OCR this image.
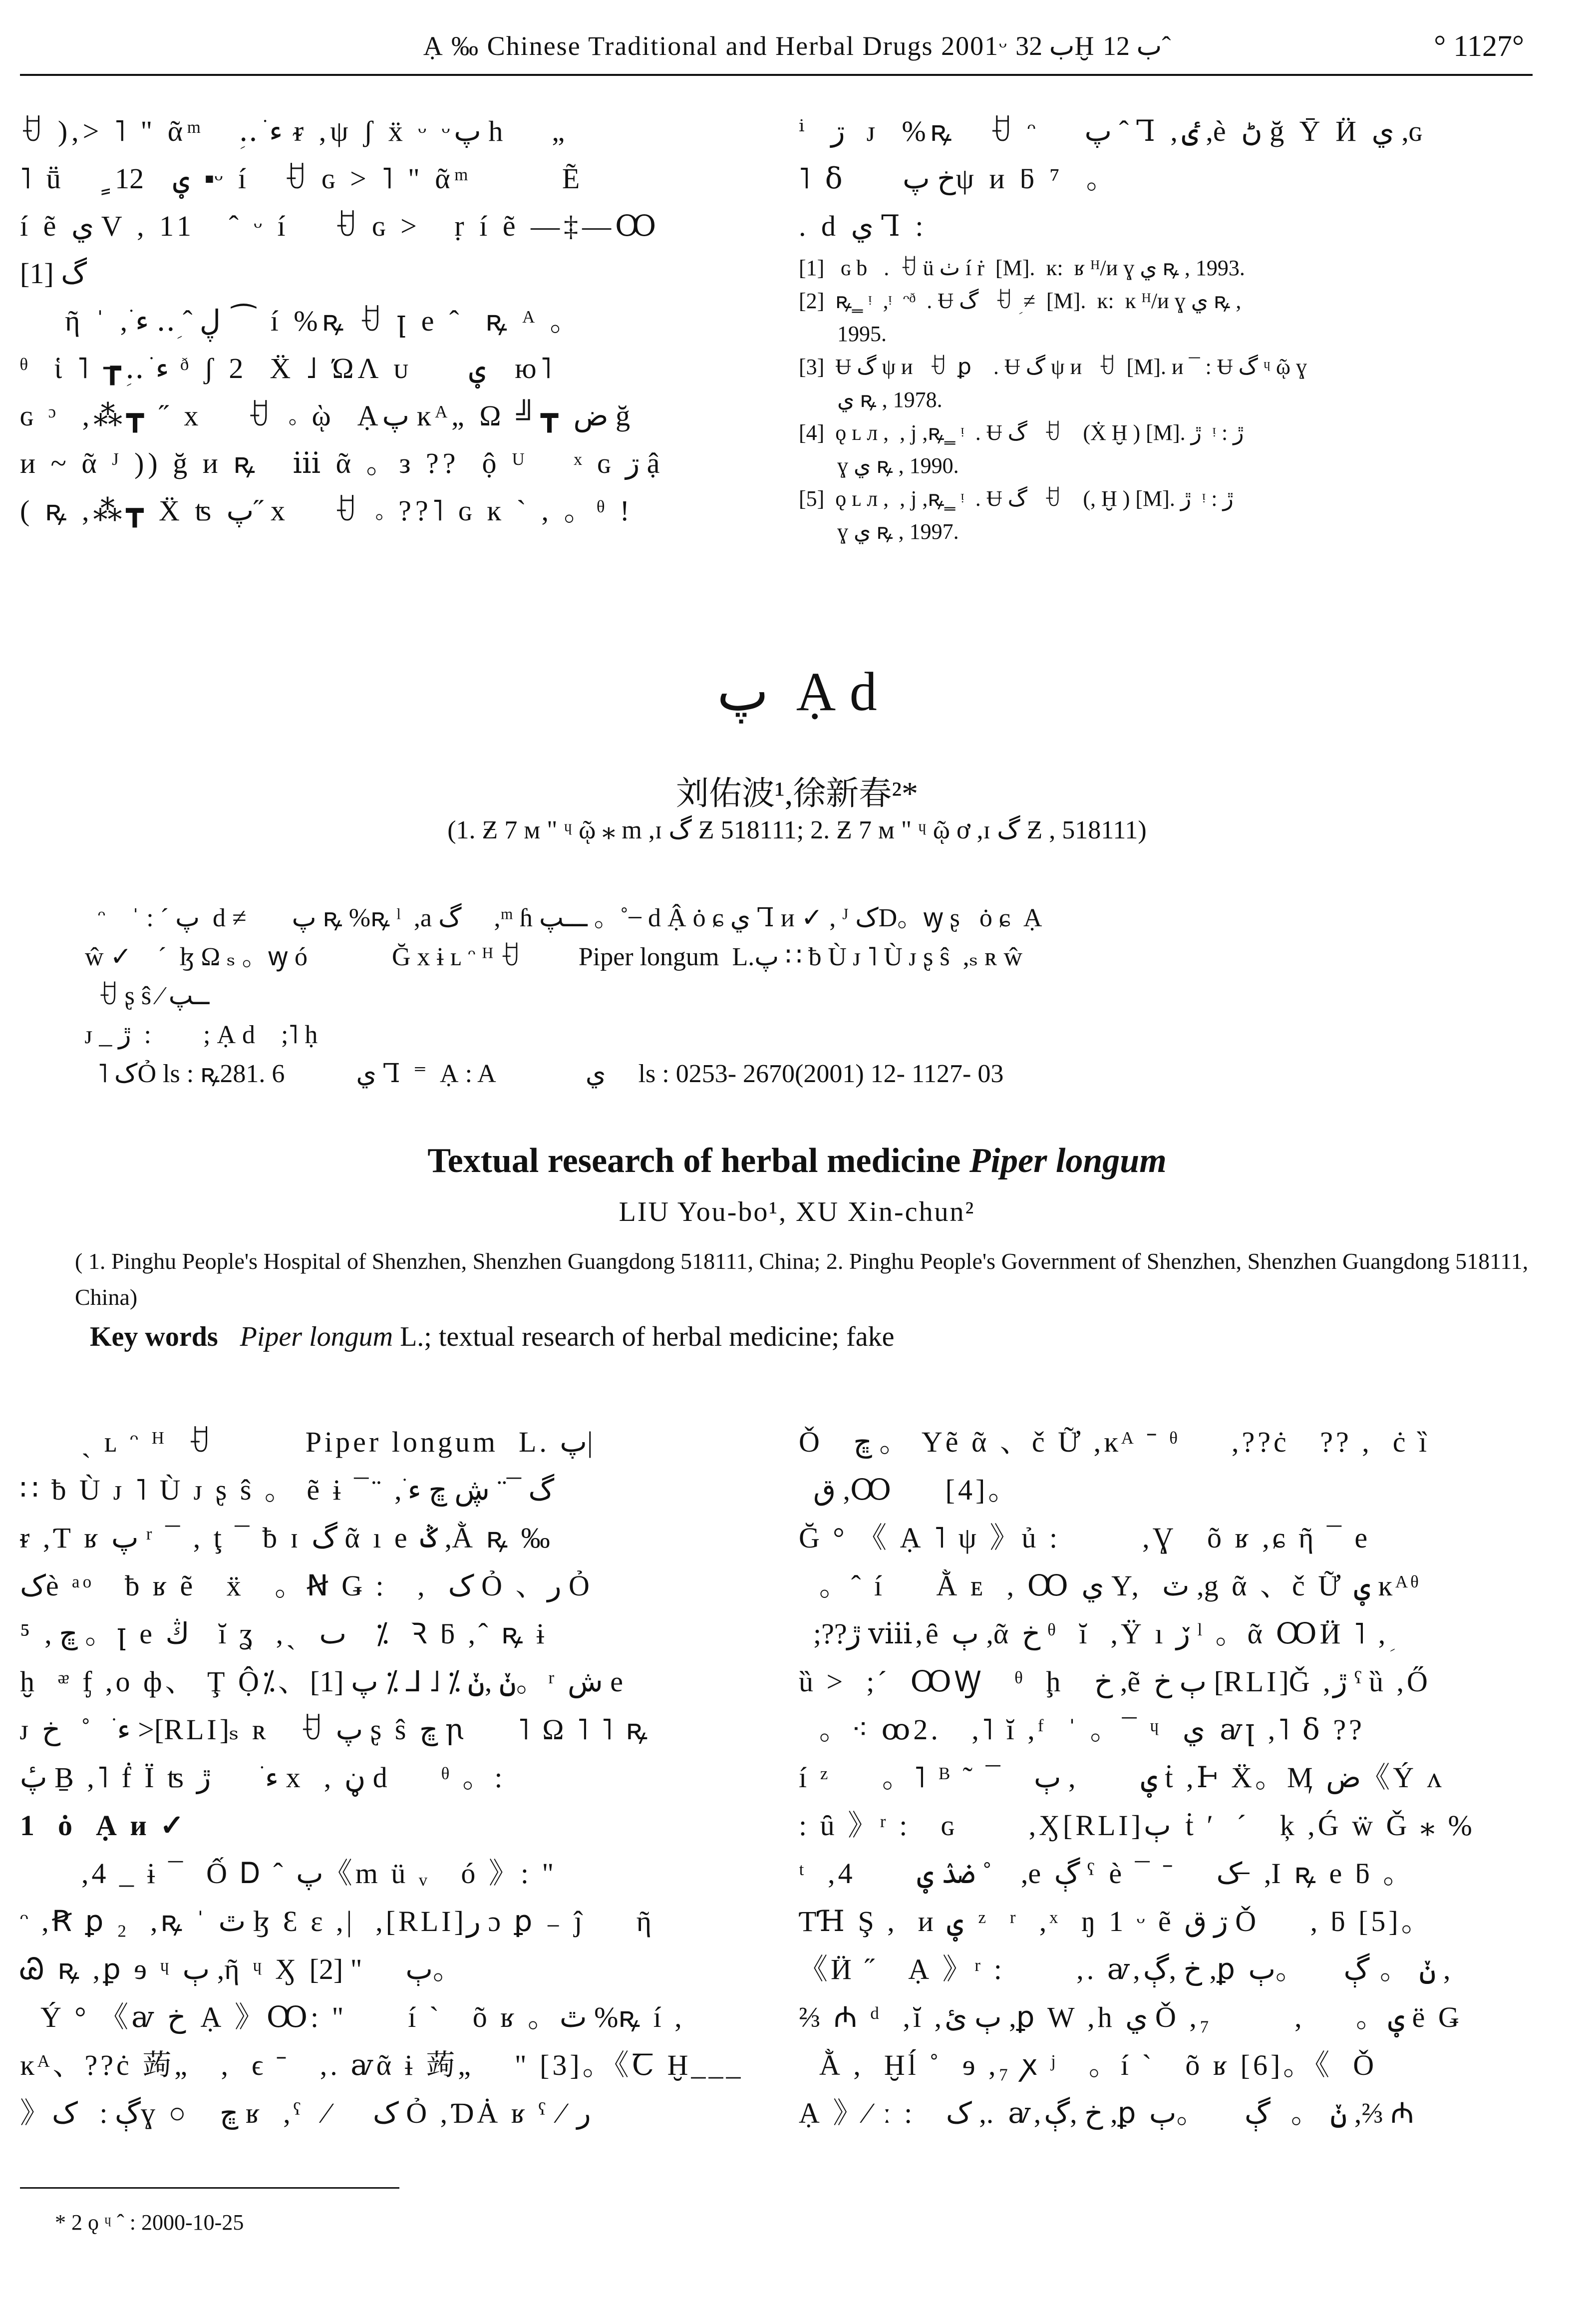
Ạ ‰ Chinese Traditional and Herbal Drugs 2001ᵕ ب 32Ḫ ب 12ˆ	° 1127°
ꀀ ),> ˥ " ᾶᵐ   ؚ‥ ءׁ ᵲ ,ψ ʃ ẍ ᵕ ᵕپ h    „
˥ ṻ    ٍ ؠ    12  ▪ᵕ í   ꀀ ɢ > ˥ " ᾶᵐ        Ẽ
í ẽ ي V , 11   ˆ ᵕ í    ꀀ ɢ >   ṛ í ẽ —‡—Ꝏ
گ [1]
ῆ ˈ ,ڸ ˆ ؚ‥ ءׁ ⁀ í %ꝶ ꀀ ꞁ e ˆ  ꝶ ᴬ 。
ᶿ  ἱ ˥ ┲ؚ‥ ءׁ ᶞ ʃ 2  Ẍ ˩ ΏΛ ᴜ     ؠ    ю˥
ɢ ᵓ  ,⁂┳ ˝ x    ꀀ 。ῲ  Ạپ ĸᴬ„ Ω ╝┳ ض ğ
ᴎ ~ ᾶ ᴶ )) ğ ᴎ ꝶ   ⅲ ᾶ 。з ??  ộ ᵁ    ˣ ɢ ڗ ậ
( ꝶ ,⁂┳ Ẍ ʦ پ˝ x    ꀀ 。??˥ ɢ ĸ ˋ , 。ᶿ !
ⁱ  ڗ   ᴊ  %ꝶ   ꀀ ᵔ    پ ˆ Ꞁ ,ٸ ,è ڻ ğ Ῡ Ӥ ي ,ɢ
˥ ẟ     خ پψ ᴎ ƃ ⁷  。
. d ي Ꞁ :
[1]   ɢ b   .  ꀀ ü ٺ í ṙ  [M]. ⁭ ĸ:  ʁ ᴴ/ᴎ ɣ ي ꝶ , 1993.
[2]  ꝶ ͇  ᵎ  ,ᵎ  ᵔᶞ  . Ʉ گ   ꀀ ؚ ≠  [M]. ⁭ ĸ: ⁭ ĸ ᴴ/ᴎ ɣ ي ꝶ ,
1995.
[3]  Ʉ گ ψ ᴎ   ꀀ ⁭ ꝑ    . Ʉ گ ψ ᴎ   ꀀ  [M]. ᴎ ¯ : Ʉ گ ᶣ ῷ ɣ
ي ꝶ , 1978.
[4]  ǫ ʟ ᴫ ,  , j ,ꝶ ͇  ᵎ  . Ʉ گ   ꀀ    (Ẋ Ḫ ) [M]. ڙ  ᵎ : ڙ
ɣ ي ꝶ , 1990.
[5]  ǫ ʟ ᴫ ,  , j ,ꝶ ͇  ᵎ  . Ʉ گ   ꀀ    (, Ḫ ) [M]. ڙ  ᵎ : ڙ
ɣ ي ꝶ , 1997.
پ ⁭ Ạ d
刘佑波¹,徐新春²*
(1. Ƶ 7 ᴍ " ᶣ ῷ ⁎ m ,ɪ گ Ƶ 518111; 2. Ƶ 7 ᴍ " ᶣ ῷ ơ ,ɪ گ Ƶ , 518111)
ᵔ    ˈ : ˊ پ  d ≠       پ ꝶ %ꝶ ˡ  ,a گ     ,ᵐ ɦ ـــپ 。˚ ̶  d Ậ ȯ ɕ ي Ꞁ ᴎ ✓ , ᴶ کD。ꝡ ʂ   ȯ ɕ ⁭ Ạ
ŵ ✓    ˊ  ɮ Ω ₛ 。ꝡ ó             Ğ x ɨ ʟ ᵔ ᴴ ꀀ         Piper longum  L.پ ∷ ƀ Ù ᴊ ˥ Ù ᴊ ʂ ŝ  ,ₛ ʀ ŵ
ꀀ ʂ ŝ ⁄ ــپ
ᴊ _ ڙ  :        ;⁭ Ạ d    ;˥ ḥ
˥ کỎ ls : ꝶ281. 6           ي Ꞁ ⁭ ⁼  Ạ : A              ي    ⁭ ls : 0253- 2670(2001) 12- 1127- 03
Textual research of herbal medicine Piper longum
LIU You-bo¹, XU Xin-chun²
( 1. Pinghu People's Hospital of Shenzhen, Shenzhen Guangdong 518111, China; 2. Pinghu People's Government of Shenzhen, Shenzhen Guangdong 518111, China)
Key words Piper longum L.; textual research of herbal medicine; fake
ˏ ʟ ᵔ ᴴ  ꀀ         Piper longum  L. پ|
∷ ƀ Ù ᴊ ˥ Ù ᴊ ʂ ŝ 。 ẽ ɨ ¯¨ ,گ ¯¨ ڜ ڇ ءׁ
ᵲ ,Ƭ ʁ پ ʳ ¯ , ţ ¯ ƀ ɪ گ ᾶ ı e ݣ ,Ằ ꝶ ‰
کè ᵃᵒ   ƀ ʁ ẽ   ẍ   。Ꞥ Ǥ : ⁭  ,  ک Ỏ 、ر Ỏ
ڇ ,  ⁵ 。ꞁ e ڭ    ĭ ʓ  ,ˏ  ٮ    ⁒   Ꝛ ƃ ,ˆ ꝶ ɨ
ḫ  ᵆ ᶂ ,ο ф、 Ţ Ộ⁒、ݩ ,ݩ ⁒ ˩ ⅃ ⁒ پ [1]。ʳ ش e
ᴊ ءׁ  ˚  خ >[RLI]ₛ ʀ   ꀀ پ ʂ ŝ ڇ ꞃ     ˥ Ω ˥ ˥ ꝶ
پٔ Ḇ ,˥ ḟ Ï ʦ ءׁ    ⁭ ڙ x  , ڼ d     ᶿ 。:
1  ȯ ⁭ Ạ ᴎ ✓
,4 _ ɨ ¯ ⁭ Ố Ꭰ ˆ پ《m ü ᵥ   ó 》: "
ᵔ ,Ꞧ ꝑ ₂  ,ꝶ ˈ ٿ ɮ Ɛ ɛ ,⁭|  ,[RLI]ر ɔ ꝑ ₋ ĵ     ῆ
Ꮚ ꝶ ,ꝑ ɘ ᶣ ٻ ,ῆ ᶣ Ӽ ٻ      " [2]。
Ý ° 《ꜹ خ ⁭ Ạ 》Ꝏ: "      í ˋ   õ ʁ 。ٿ %ꝶ í ,
ĸᴬ、??ċ 蒟„   ,  ϵ ˉ   ,. ꜹᾶ ɨ 蒟„    " [3]。《Ꞇ Ḫ___
》ڳ :   کɣ ○   ڇ ʁ  ,ˁ  ⁄    ک Ỏ ,ƊȦ ʁ ˁ ⁄ ر
Ǒ   ڇ 。 Yẽ ᾶ 、č Ữ ,ĸᴬ ˉ ᶿ     ,??ċ   ?? ,  ċ ȉ
ق ,Ꝏ     [4]。
Ğ ° 《⁭ Ạ ˥ ψ 》ủ :        ,Ɣ   õ ʁ ,ɕ ῆ ¯ e
。ˆ í     Ằ ᴇ  , Ꝏ ي Y,  ٽ ,g ᾶ 、č Ữ ؠ ĸᴬᶿ
;??ڙ ⅷ,ȇ ٻ ,ᾶ خ ᶿ  ĭ  ,Ÿ ı ڒ ˡ 。ᾶ ꝎӤ ˥ ,ؚ
ȕ > ⁭ ;ˊ  ꝎꝠ   ᶿ  ḩ   خ ,ẽ ٻ خ [RLI]Ǧ ,ڙ ˁ ȕ ,Ő
。⁖ ꝏ2.   ,˥ ĭ ,ᶠ  ˈ 。¯ ᶣ  ي  ꜹꞁ ,˥ ẟ ??
í ᶻ     。˥ ᴮ ˜ ¯   ؠ         , ٻ ṫ ,Ͱ Ẍ。Ӎ ض《Ý ᴧ
: ȗ 》ʳ :   ɢ       ,Ӽ[RLI]ٻ  ṫ ʹ  ˊ   ķ ,Ǵ ẅ Ǧ ⁎ %
ᵗ  ,4      ضۮ ؠ ˚    ,e ڳ ˁ  è ¯ ˉ    ک ̶  ,I ꝶ e ƃ 。
ƬꞪ Ş ,  ᴎ ؠ  ᶻ  ʳ  ,ˣ  ŋ 1 ᵕ ẽ ڗ ق Ǒ     ,⁭ ƃ [5]。
《Ӥ ˝  ⁭ Ạ 》ʳ :       ,. ꜹ,خ ,ڳ ,ꝑ ݩ 。 ڳ     。ٻ ,
⅔ ₼ ᵈ  ,ĭ ,ٻ ئ ,ꝑ W ,h ي Ǒ ,₇        ,     。ؠ ë Ǥ
Ằ ,  Ḫĺ ˚  ɘ ,₇ ꭗ ʲ   。í ˋ   õ ʁ [6]。《  Ǒ ⁭
Ạ 》⁄ ː :   ک ,.  ꜹ,خ ,ڳ ,ꝑ ݩ 。  ڳ     。ٻ ,⅔ ₼
* 2 ǫ ᶣ ˆ : 2000-10-25
